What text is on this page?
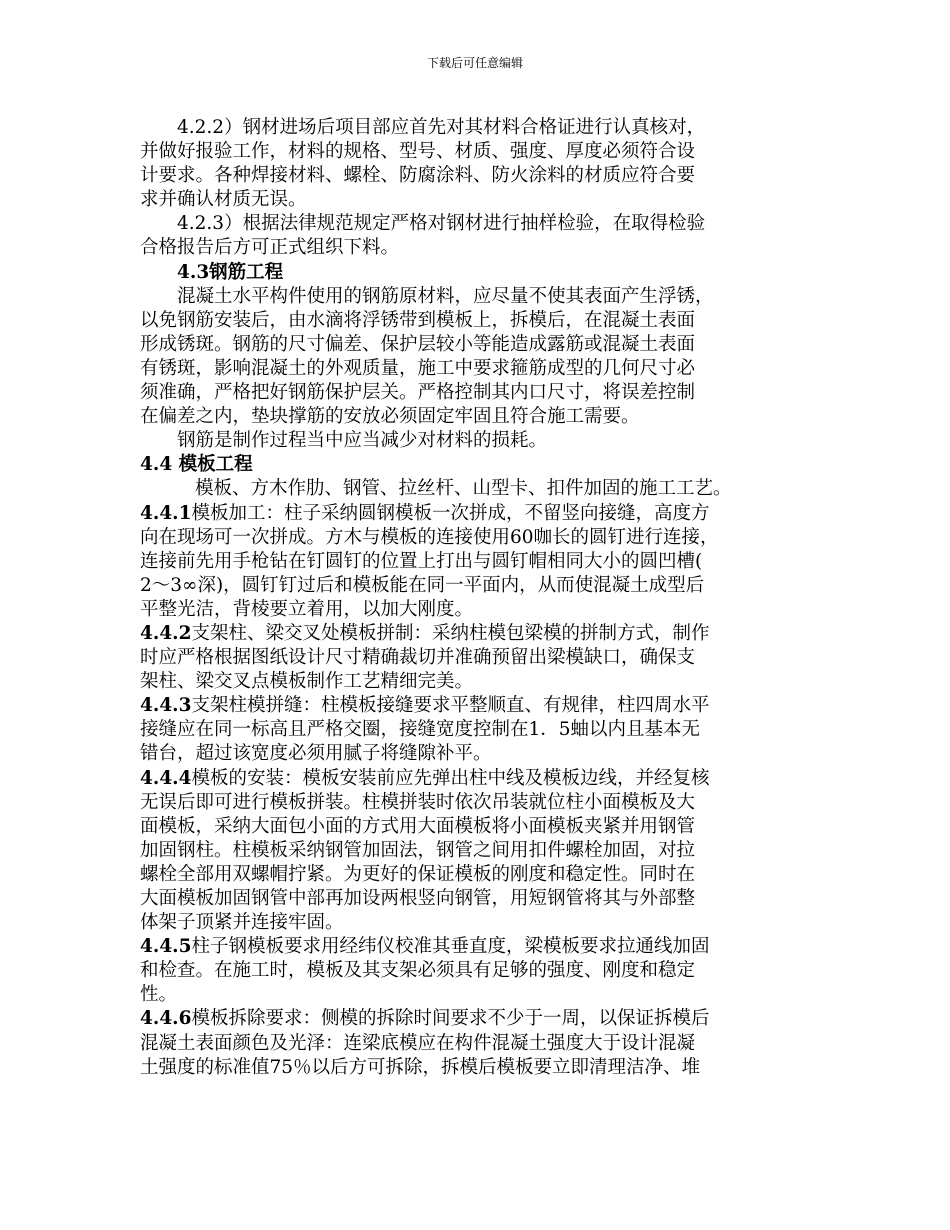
下载后可任意编辑

4.2.2）钢材进场后项目部应首先对其材料合格证进行认真核对，

并做好报验工作，材料的规格、型号、材质、强度、厚度必须符合设

计要求。各种焊接材料、螺栓、防腐涂料、防火涂料的材质应符合要

求并确认材质无误。

4.2.3）根据法律规范规定严格对钢材进行抽样检验，在取得检验

合格报告后方可正式组织下料。

4.3钢筋工程

混凝土水平构件使用的钢筋原材料，应尽量不使其表面产生浮锈，

以免钢筋安装后，由水滴将浮锈带到模板上，拆模后，在混凝土表面

形成锈斑。钢筋的尺寸偏差、保护层较小等能造成露筋或混凝土表面

有锈斑，影响混凝土的外观质量，施工中要求箍筋成型的几何尺寸必

须准确，严格把好钢筋保护层关。严格控制其内口尺寸，将误差控制

在偏差之内，垫块撑筋的安放必须固定牢固且符合施工需要。

钢筋是制作过程当中应当减少对材料的损耗。

4.4 模板工程

模板、方木作肋、钢管、拉丝杆、山型卡、扣件加固的施工工艺。

4.4.1模板加工：柱子采纳圆钢模板一次拼成，不留竖向接缝，高度方

向在现场可一次拼成。方木与模板的连接使用60咖长的圆钉进行连接，

连接前先用手枪钻在钉圆钉的位置上打出与圆钉帽相同大小的圆凹槽(

2～3∞深)，圆钉钉过后和模板能在同一平面内，从而使混凝土成型后

平整光洁，背棱要立着用，以加大刚度。

4.4.2支架柱、梁交叉处模板拼制：采纳柱模包梁模的拼制方式，制作

时应严格根据图纸设计尺寸精确裁切并准确预留出梁模缺口，确保支

架柱、梁交叉点模板制作工艺精细完美。

4.4.3支架柱模拼缝：柱模板接缝要求平整顺直、有规律，柱四周水平

接缝应在同一标高且严格交圈，接缝宽度控制在1．5蚰以内且基本无

错台，超过该宽度必须用腻子将缝隙补平。

4.4.4模板的安装：模板安装前应先弹出柱中线及模板边线，并经复核

无误后即可进行模板拼装。柱模拼装时依次吊装就位柱小面模板及大

面模板，采纳大面包小面的方式用大面模板将小面模板夹紧并用钢管

加固钢柱。柱模板采纳钢管加固法，钢管之间用扣件螺栓加固，对拉

螺栓全部用双螺帽拧紧。为更好的保证模板的刚度和稳定性。同时在

大面模板加固钢管中部再加设两根竖向钢管，用短钢管将其与外部整

体架子顶紧并连接牢固。

4.4.5柱子钢模板要求用经纬仪校准其垂直度，梁模板要求拉通线加固

和检查。在施工时，模板及其支架必须具有足够的强度、刚度和稳定

性。

4.4.6模板拆除要求：侧模的拆除时间要求不少于一周，以保证拆模后

混凝土表面颜色及光泽：连梁底模应在构件混凝土强度大于设计混凝

土强度的标准值75％以后方可拆除，拆模后模板要立即清理洁净、堆
